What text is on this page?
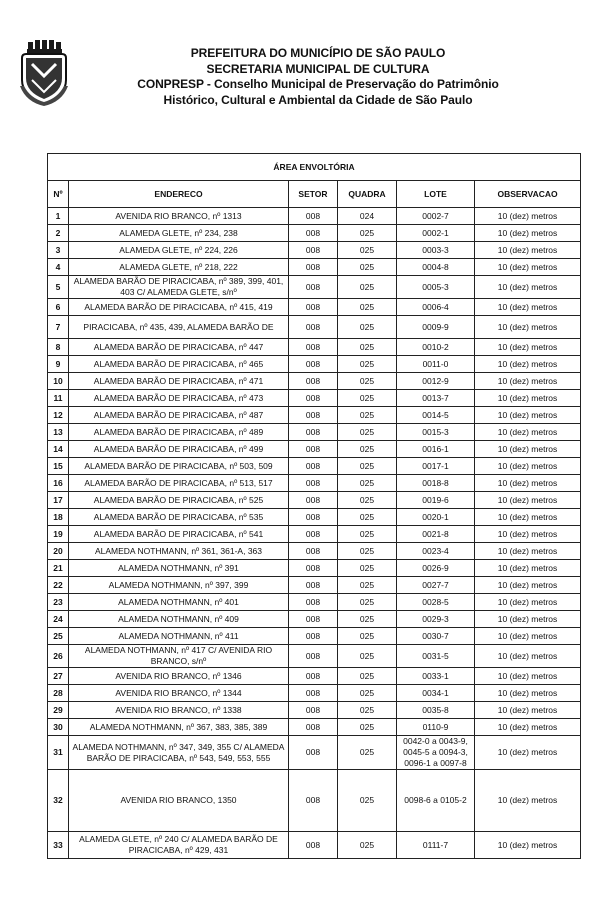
PREFEITURA DO MUNICÍPIO DE SÃO PAULO
SECRETARIA MUNICIPAL DE CULTURA
CONPRESP - Conselho Municipal de Preservação do Patrimônio
Histórico, Cultural e Ambiental da Cidade de São Paulo
ÁREA ENVOLTÓRIA					
Nº	ENDERECO	SETOR	QUADRA	LOTE	OBSERVACAO
1	AVENIDA RIO BRANCO, nº 1313	008	024	0002-7	10 (dez) metros
2	ALAMEDA GLETE, nº 234, 238	008	025	0002-1	10 (dez) metros
3	ALAMEDA GLETE, nº 224, 226	008	025	0003-3	10 (dez) metros
4	ALAMEDA GLETE, nº 218, 222	008	025	0004-8	10 (dez) metros
5	ALAMEDA BARÃO DE PIRACICABA, nº 389, 399, 401, 403 C/ ALAMEDA GLETE, s/nº	008	025	0005-3	10 (dez) metros
6	ALAMEDA BARÃO DE PIRACICABA, nº 415, 419	008	025	0006-4	10 (dez) metros
7	PIRACICABA, nº 435, 439, ALAMEDA BARÃO DE	008	025	0009-9	10 (dez) metros
8	ALAMEDA BARÃO DE PIRACICABA, nº 447	008	025	0010-2	10 (dez) metros
9	ALAMEDA BARÃO DE PIRACICABA, nº 465	008	025	0011-0	10 (dez) metros
10	ALAMEDA BARÃO DE PIRACICABA, nº 471	008	025	0012-9	10 (dez) metros
11	ALAMEDA BARÃO DE PIRACICABA, nº 473	008	025	0013-7	10 (dez) metros
12	ALAMEDA BARÃO DE PIRACICABA, nº 487	008	025	0014-5	10 (dez) metros
13	ALAMEDA BARÃO DE PIRACICABA, nº 489	008	025	0015-3	10 (dez) metros
14	ALAMEDA BARÃO DE PIRACICABA, nº 499	008	025	0016-1	10 (dez) metros
15	ALAMEDA BARÃO DE PIRACICABA, nº 503, 509	008	025	0017-1	10 (dez) metros
16	ALAMEDA BARÃO DE PIRACICABA, nº 513, 517	008	025	0018-8	10 (dez) metros
17	ALAMEDA BARÃO DE PIRACICABA, nº 525	008	025	0019-6	10 (dez) metros
18	ALAMEDA BARÃO DE PIRACICABA, nº 535	008	025	0020-1	10 (dez) metros
19	ALAMEDA BARÃO DE PIRACICABA, nº 541	008	025	0021-8	10 (dez) metros
20	ALAMEDA NOTHMANN, nº 361, 361-A, 363	008	025	0023-4	10 (dez) metros
21	ALAMEDA NOTHMANN, nº 391	008	025	0026-9	10 (dez) metros
22	ALAMEDA NOTHMANN, nº 397, 399	008	025	0027-7	10 (dez) metros
23	ALAMEDA NOTHMANN, nº 401	008	025	0028-5	10 (dez) metros
24	ALAMEDA NOTHMANN, nº 409	008	025	0029-3	10 (dez) metros
25	ALAMEDA NOTHMANN, nº 411	008	025	0030-7	10 (dez) metros
26	ALAMEDA NOTHMANN, nº 417 C/ AVENIDA RIO BRANCO, s/nº	008	025	0031-5	10 (dez) metros
27	AVENIDA RIO BRANCO, nº 1346	008	025	0033-1	10 (dez) metros
28	AVENIDA RIO BRANCO, nº 1344	008	025	0034-1	10 (dez) metros
29	AVENIDA RIO BRANCO, nº 1338	008	025	0035-8	10 (dez) metros
30	ALAMEDA NOTHMANN, nº 367, 383, 385, 389	008	025	0110-9	10 (dez) metros
31	ALAMEDA NOTHMANN, nº 347, 349, 355 C/ ALAMEDA BARÃO DE PIRACICABA, nº 543, 549, 553, 555	008	025	0042-0 a 0043-9, 0045-5 a 0094-3, 0096-1 a 0097-8	10 (dez) metros
32	AVENIDA RIO BRANCO, 1350	008	025	0098-6 a 0105-2	10 (dez) metros
33	ALAMEDA GLETE, nº 240 C/ ALAMEDA BARÃO DE PIRACICABA, nº 429, 431	008	025	0111-7	10 (dez) metros
